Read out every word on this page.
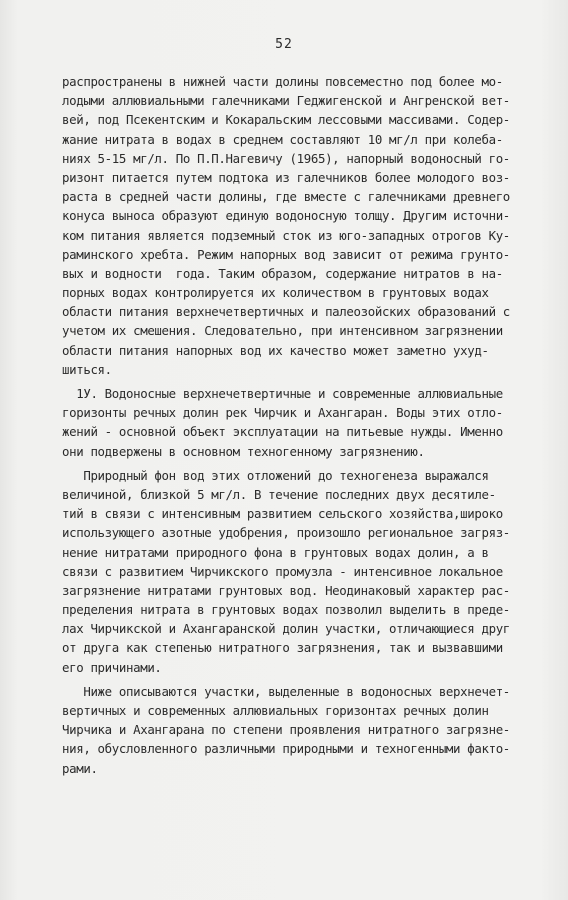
52
распространены в нижней части долины повсеместно под более мо-
лодыми аллювиальными галечниками Геджигенской и Ангренской вет-
вей, под Псекентским и Кокаральским лессовыми массивами. Содер-
жание нитрата в водах в среднем составляют 10 мг/л при колеба-
ниях 5-15 мг/л. По П.П.Нагевичу (1965), напорный водоносный го-
ризонт питается путем подтока из галечников более молодого воз-
раста в средней части долины, где вместе с галечниками древнего
конуса выноса образуют единую водоносную толщу. Другим источни-
ком питания является подземный сток из юго-западных отрогов Ку-
раминского хребта. Режим напорных вод зависит от режима грунто-
вых и водности  года. Таким образом, содержание нитратов в на-
порных водах контролируется их количеством в грунтовых водах
области питания верхнечетвертичных и палеозойских образований с
учетом их смешения. Следовательно, при интенсивном загрязнении
области питания напорных вод их качество может заметно ухуд-
шиться.
1У. Водоносные верхнечетвертичные и современные аллювиальные
горизонты речных долин рек Чирчик и Ахангаран. Воды этих отло-
жений - основной объект эксплуатации на питьевые нужды. Именно
они подвержены в основном техногенному загрязнению.
Природный фон вод этих отложений до техногенеза выражался
величиной, близкой 5 мг/л. В течение последних двух десятиле-
тий в связи с интенсивным развитием сельского хозяйства,широко
использующего азотные удобрения, произошло региональное загряз-
нение нитратами природного фона в грунтовых водах долин, а в
связи с развитием Чирчикского промузла - интенсивное локальное
загрязнение нитратами грунтовых вод. Неодинаковый характер рас-
пределения нитрата в грунтовых водах позволил выделить в преде-
лах Чирчикской и Ахангаранской долин участки, отличающиеся друг
от друга как степенью нитратного загрязнения, так и вызвавшими
его причинами.
Ниже описываются участки, выделенные в водоносных верхнечет-
вертичных и современных аллювиальных горизонтах речных долин
Чирчика и Ахангарана по степени проявления нитратного загрязне-
ния, обусловленного различными природными и техногенными факто-
рами.
